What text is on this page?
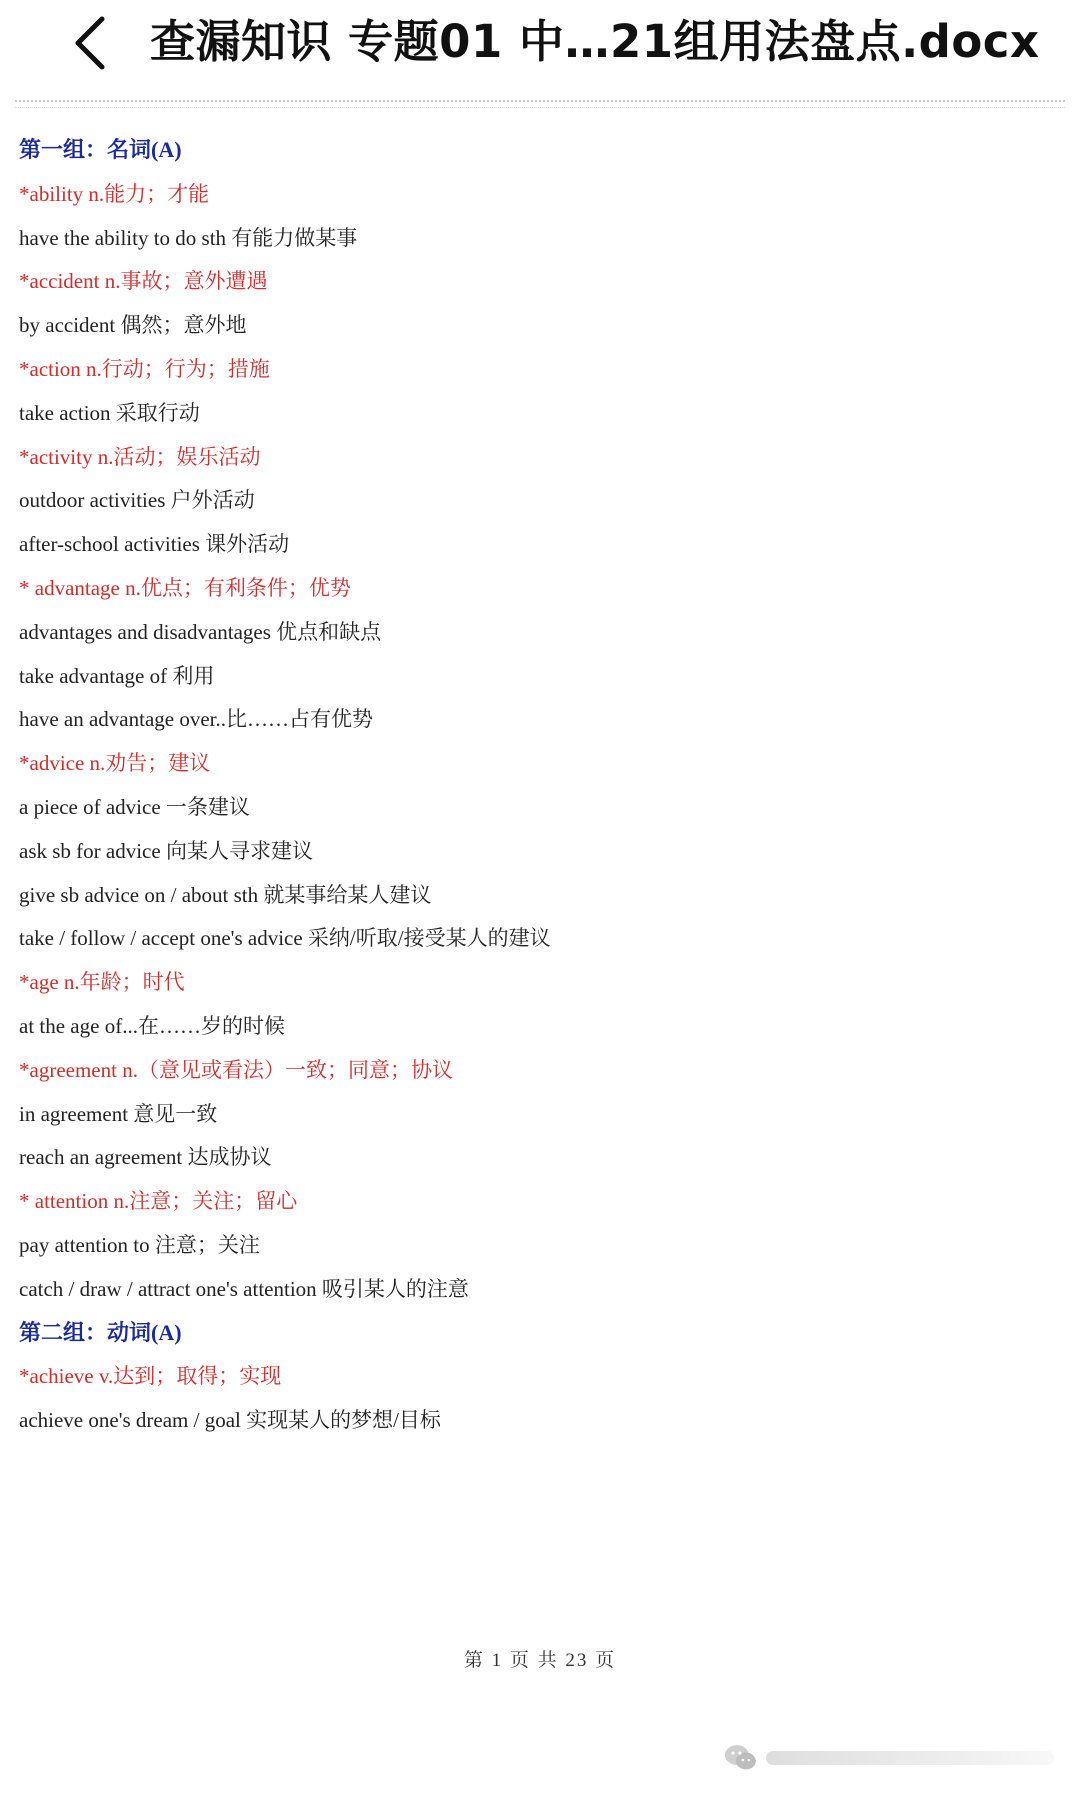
查漏知识 专题01 中…21组用法盘点.docx
第一组：名词(A)
*ability n.能力；才能
have the ability to do sth 有能力做某事
*accident n.事故；意外遭遇
by accident 偶然；意外地
*action n.行动；行为；措施
take action 采取行动
*activity n.活动；娱乐活动
outdoor activities 户外活动
after-school activities 课外活动
* advantage n.优点；有利条件；优势
advantages and disadvantages 优点和缺点
take advantage of 利用
have an advantage over..比……占有优势
*advice n.劝告；建议
a piece of advice 一条建议
ask sb for advice 向某人寻求建议
give sb advice on / about sth 就某事给某人建议
take / follow / accept one's advice 采纳/听取/接受某人的建议
*age n.年龄；时代
at the age of...在……岁的时候
*agreement n.（意见或看法）一致；同意；协议
in agreement 意见一致
reach an agreement 达成协议
* attention n.注意；关注；留心
pay attention to 注意；关注
catch / draw / attract one's attention 吸引某人的注意
第二组：动词(A)
*achieve v.达到；取得；实现
achieve one's dream / goal 实现某人的梦想/目标
第 1 页 共 23 页
